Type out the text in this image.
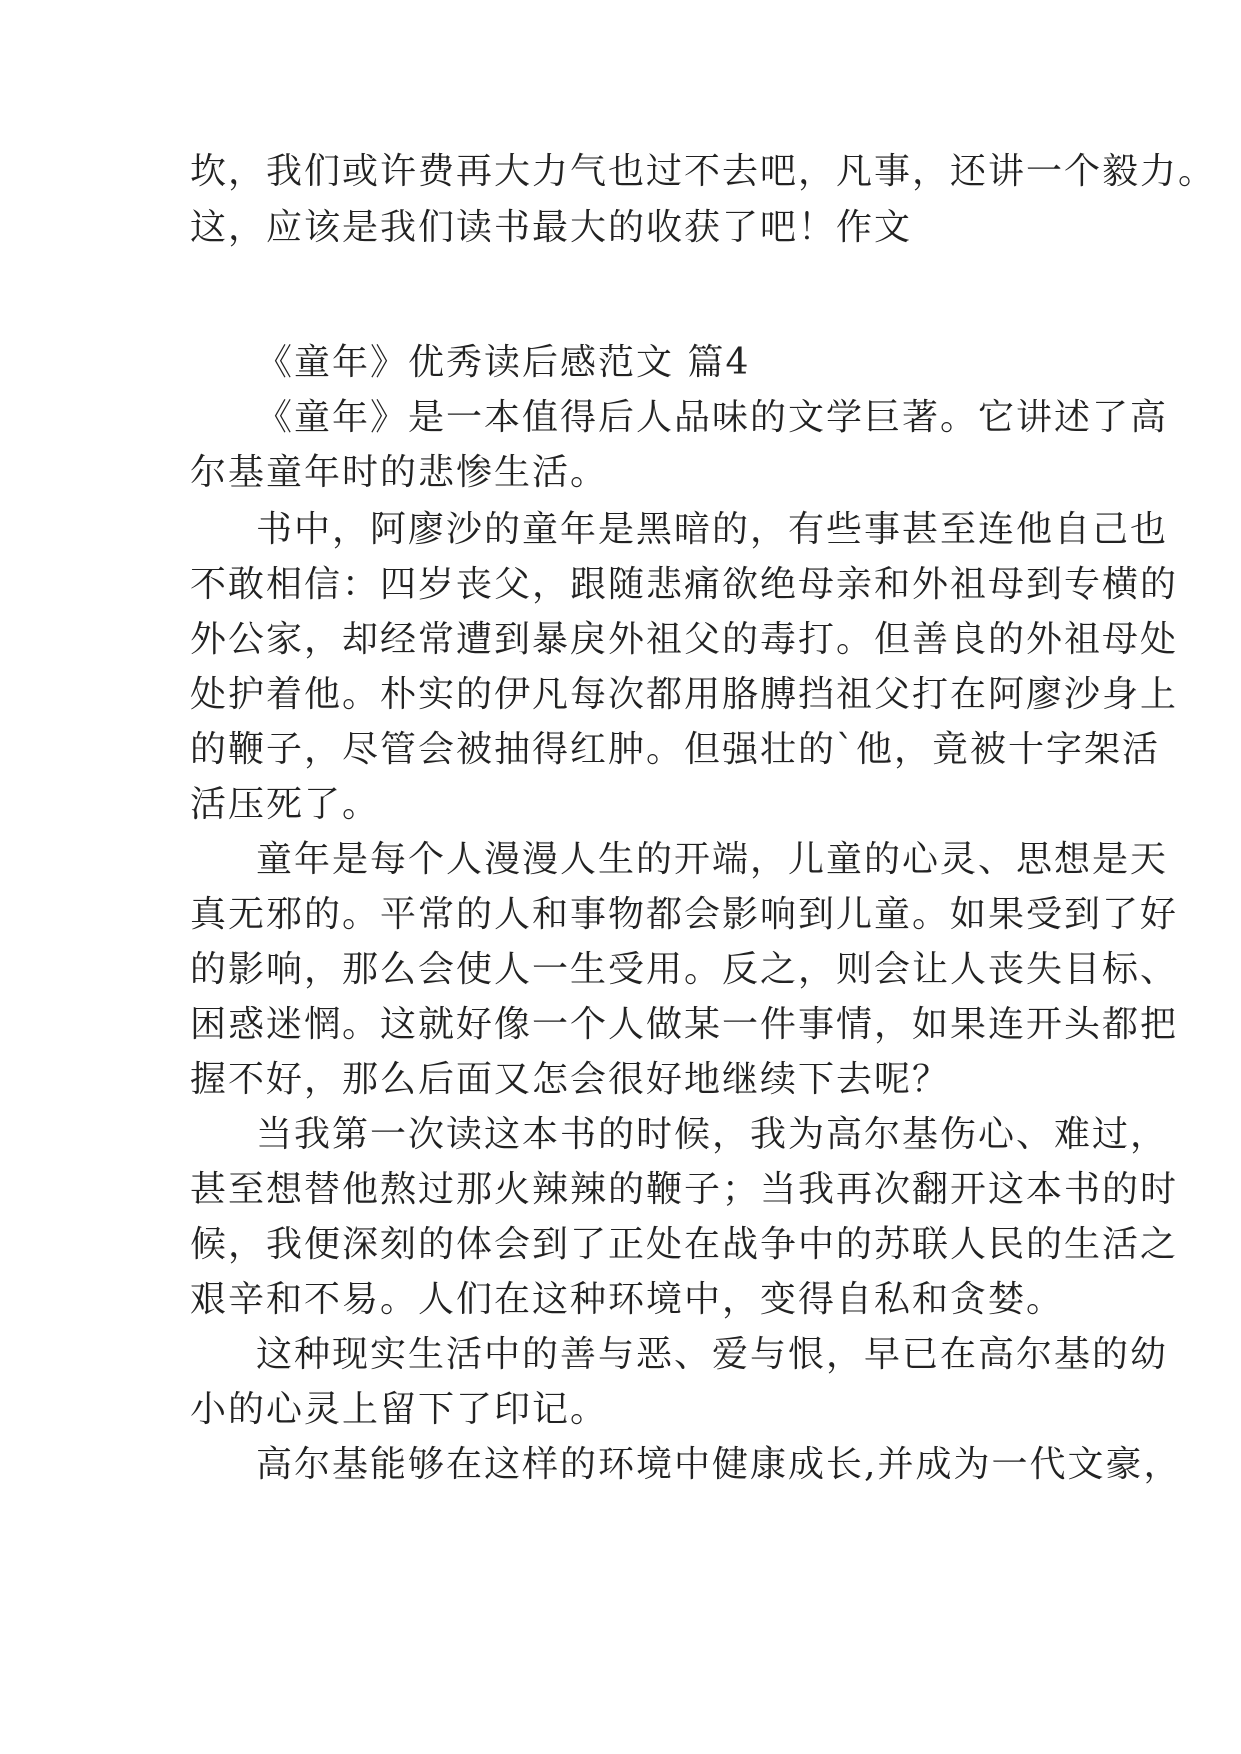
坎，我们或许费再大力气也过不去吧，凡事，还讲一个毅力。
这，应该是我们读书最大的收获了吧！作文
《童年》优秀读后感范文 篇4
《童年》是一本值得后人品味的文学巨著。它讲述了高
尔基童年时的悲惨生活。
书中，阿廖沙的童年是黑暗的，有些事甚至连他自己也
不敢相信：四岁丧父，跟随悲痛欲绝母亲和外祖母到专横的
外公家，却经常遭到暴戾外祖父的毒打。但善良的外祖母处
处护着他。朴实的伊凡每次都用胳膊挡祖父打在阿廖沙身上
的鞭子，尽管会被抽得红肿。但强壮的`他，竟被十字架活
活压死了。
童年是每个人漫漫人生的开端，儿童的心灵、思想是天
真无邪的。平常的人和事物都会影响到儿童。如果受到了好
的影响，那么会使人一生受用。反之，则会让人丧失目标、
困惑迷惘。这就好像一个人做某一件事情，如果连开头都把
握不好，那么后面又怎会很好地继续下去呢？
当我第一次读这本书的时候，我为高尔基伤心、难过，
甚至想替他熬过那火辣辣的鞭子；当我再次翻开这本书的时
候，我便深刻的体会到了正处在战争中的苏联人民的生活之
艰辛和不易。人们在这种环境中，变得自私和贪婪。
这种现实生活中的善与恶、爱与恨，早已在高尔基的幼
小的心灵上留下了印记。
高尔基能够在这样的环境中健康成长,并成为一代文豪，
